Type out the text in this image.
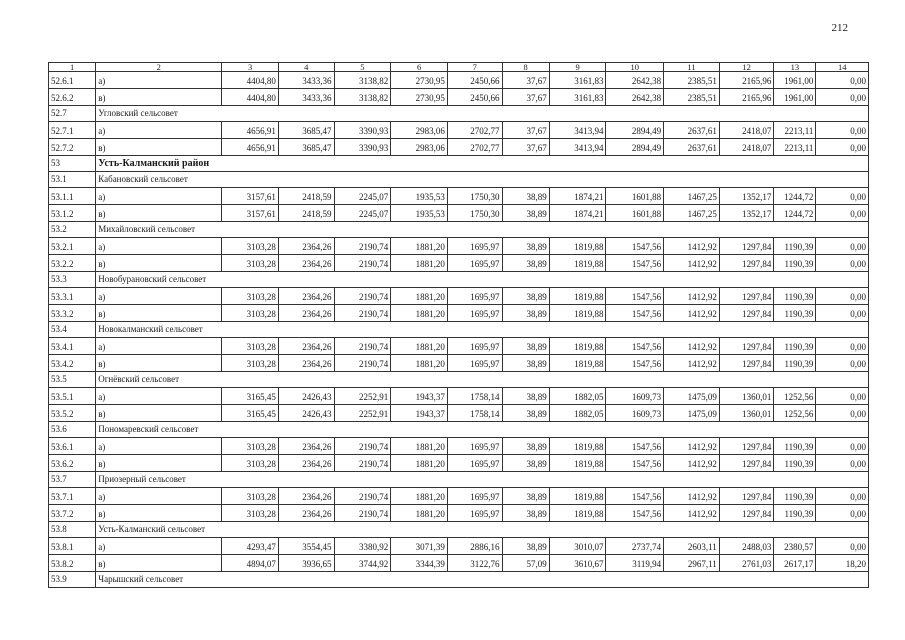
212
1	2	3	4	5	6	7	8	9	10	11	12	13	14
52.6.1	а)	4404,80	3433,36	3138,82	2730,95	2450,66	37,67	3161,83	2642,38	2385,51	2165,96	1961,00	0,00
52.6.2	в)	4404,80	3433,36	3138,82	2730,95	2450,66	37,67	3161,83	2642,38	2385,51	2165,96	1961,00	0,00
52.7	Угловский сельсовет												
52.7.1	а)	4656,91	3685,47	3390,93	2983,06	2702,77	37,67	3413,94	2894,49	2637,61	2418,07	2213,11	0,00
52.7.2	в)	4656,91	3685,47	3390,93	2983,06	2702,77	37,67	3413,94	2894,49	2637,61	2418,07	2213,11	0,00
53	Усть-Калманский район												
53.1	Кабановский сельсовет												
53.1.1	а)	3157,61	2418,59	2245,07	1935,53	1750,30	38,89	1874,21	1601,88	1467,25	1352,17	1244,72	0,00
53.1.2	в)	3157,61	2418,59	2245,07	1935,53	1750,30	38,89	1874,21	1601,88	1467,25	1352,17	1244,72	0,00
53.2	Михайловский сельсовет												
53.2.1	а)	3103,28	2364,26	2190,74	1881,20	1695,97	38,89	1819,88	1547,56	1412,92	1297,84	1190,39	0,00
53.2.2	в)	3103,28	2364,26	2190,74	1881,20	1695,97	38,89	1819,88	1547,56	1412,92	1297,84	1190,39	0,00
53.3	Новобурановский сельсовет												
53.3.1	а)	3103,28	2364,26	2190,74	1881,20	1695,97	38,89	1819,88	1547,56	1412,92	1297,84	1190,39	0,00
53.3.2	в)	3103,28	2364,26	2190,74	1881,20	1695,97	38,89	1819,88	1547,56	1412,92	1297,84	1190,39	0,00
53.4	Новокалманский сельсовет												
53.4.1	а)	3103,28	2364,26	2190,74	1881,20	1695,97	38,89	1819,88	1547,56	1412,92	1297,84	1190,39	0,00
53.4.2	в)	3103,28	2364,26	2190,74	1881,20	1695,97	38,89	1819,88	1547,56	1412,92	1297,84	1190,39	0,00
53.5	Огнёвский сельсовет												
53.5.1	а)	3165,45	2426,43	2252,91	1943,37	1758,14	38,89	1882,05	1609,73	1475,09	1360,01	1252,56	0,00
53.5.2	в)	3165,45	2426,43	2252,91	1943,37	1758,14	38,89	1882,05	1609,73	1475,09	1360,01	1252,56	0,00
53.6	Пономаревский сельсовет												
53.6.1	а)	3103,28	2364,26	2190,74	1881,20	1695,97	38,89	1819,88	1547,56	1412,92	1297,84	1190,39	0,00
53.6.2	в)	3103,28	2364,26	2190,74	1881,20	1695,97	38,89	1819,88	1547,56	1412,92	1297,84	1190,39	0,00
53.7	Приозерный сельсовет												
53.7.1	а)	3103,28	2364,26	2190,74	1881,20	1695,97	38,89	1819,88	1547,56	1412,92	1297,84	1190,39	0,00
53.7.2	в)	3103,28	2364,26	2190,74	1881,20	1695,97	38,89	1819,88	1547,56	1412,92	1297,84	1190,39	0,00
53.8	Усть-Калманский сельсовет												
53.8.1	а)	4293,47	3554,45	3380,92	3071,39	2886,16	38,89	3010,07	2737,74	2603,11	2488,03	2380,57	0,00
53.8.2	в)	4894,07	3936,65	3744,92	3344,39	3122,76	57,09	3610,67	3119,94	2967,11	2761,03	2617,17	18,20
53.9	Чарышский сельсовет												
